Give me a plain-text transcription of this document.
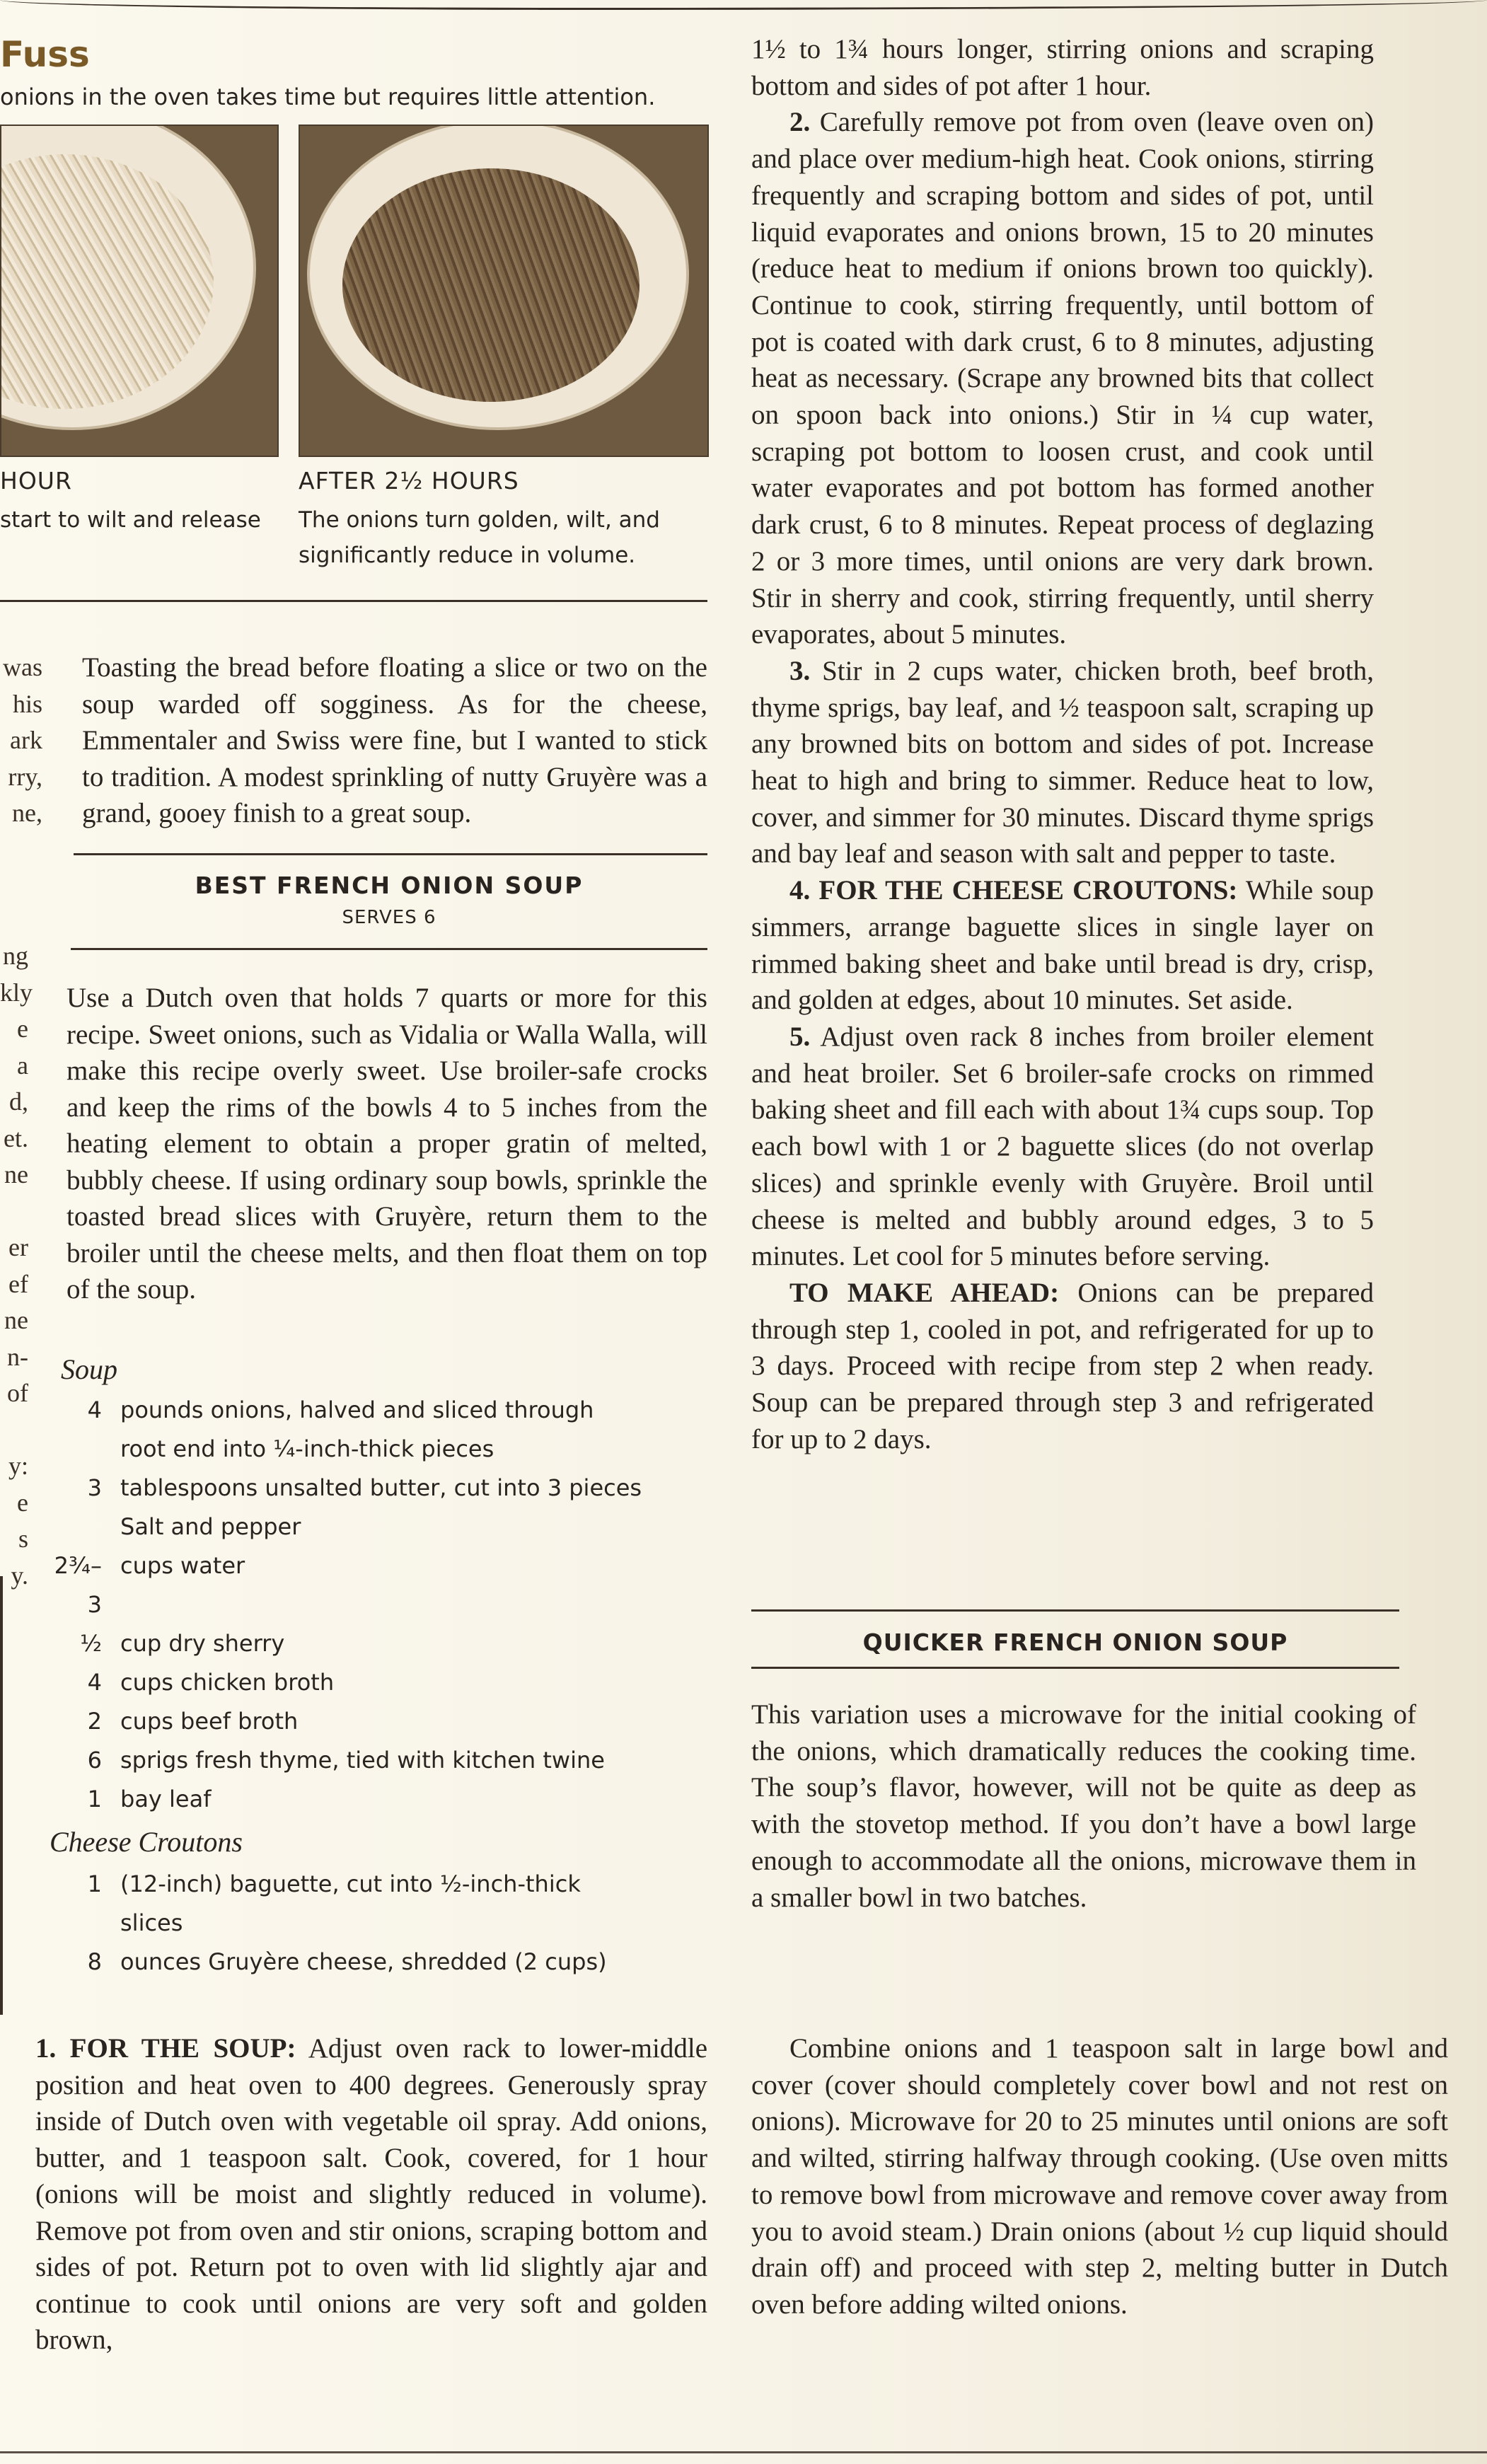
Fuss
onions in the oven takes time but requires little attention.
HOUR
start to wilt and release
AFTER 2½ HOURS
The onions turn golden, wilt, and
significantly reduce in volume.
was
his
ark
rry,
ne,
Toasting the bread before floating a slice or two on the soup warded off sogginess. As for the cheese, Emmentaler and Swiss were fine, but I wanted to stick to tradition. A modest sprinkling of nutty Gruyère was a grand, gooey finish to a great soup.
BEST FRENCH ONION SOUP
SERVES 6
ng
kly
e a
d,
et.
ne

er
ef
ne
n-
of

y:
e
s
y.
Use a Dutch oven that holds 7 quarts or more for this recipe. Sweet onions, such as Vidalia or Walla Walla, will make this recipe overly sweet. Use broiler-safe crocks and keep the rims of the bowls 4 to 5 inches from the heating element to obtain a proper gratin of melted, bubbly cheese. If using ordinary soup bowls, sprinkle the toasted bread slices with Gruyère, return them to the broiler until the cheese melts, and then float them on top of the soup.
Soup
4 pounds onions, halved and sliced through
root end into ¼-inch-thick pieces
3 tablespoons unsalted butter, cut into 3 pieces
Salt and pepper
2¾–3
cups water
½ cup dry sherry
4 cups chicken broth
2 cups beef broth
6 sprigs fresh thyme, tied with kitchen twine
1 bay leaf
Cheese Croutons
1 (12-inch) baguette, cut into ½-inch-thick
slices
8 ounces Gruyère cheese, shredded (2 cups)

1. FOR THE SOUP: Adjust oven rack to lower-middle position and heat oven to 400 degrees. Generously spray inside of Dutch oven with vegetable oil spray. Add onions, butter, and 1 teaspoon salt. Cook, covered, for 1 hour (onions will be moist and slightly reduced in volume). Remove pot from oven and stir onions, scraping bottom and sides of pot. Return pot to oven with lid slightly ajar and continue to cook until onions are very soft and golden brown,

1½ to 1¾ hours longer, stirring onions and scraping bottom and sides of pot after 1 hour.

2. Carefully remove pot from oven (leave oven on) and place over medium-high heat. Cook onions, stirring frequently and scraping bottom and sides of pot, until liquid evaporates and onions brown, 15 to 20 minutes (reduce heat to medium if onions brown too quickly). Continue to cook, stirring frequently, until bottom of pot is coated with dark crust, 6 to 8 minutes, adjusting heat as necessary. (Scrape any browned bits that collect on spoon back into onions.) Stir in ¼ cup water, scraping pot bottom to loosen crust, and cook until water evaporates and pot bottom has formed another dark crust, 6 to 8 minutes. Repeat process of deglazing 2 or 3 more times, until onions are very dark brown. Stir in sherry and cook, stirring frequently, until sherry evaporates, about 5 minutes.

3. Stir in 2 cups water, chicken broth, beef broth, thyme sprigs, bay leaf, and ½ teaspoon salt, scraping up any browned bits on bottom and sides of pot. Increase heat to high and bring to simmer. Reduce heat to low, cover, and simmer for 30 minutes. Discard thyme sprigs and bay leaf and season with salt and pepper to taste.

4. FOR THE CHEESE CROUTONS: While soup simmers, arrange baguette slices in single layer on rimmed baking sheet and bake until bread is dry, crisp, and golden at edges, about 10 minutes. Set aside.

5. Adjust oven rack 8 inches from broiler element and heat broiler. Set 6 broiler-safe crocks on rimmed baking sheet and fill each with about 1¾ cups soup. Top each bowl with 1 or 2 baguette slices (do not overlap slices) and sprinkle evenly with Gruyère. Broil until cheese is melted and bubbly around edges, 3 to 5 minutes. Let cool for 5 minutes before serving.

TO MAKE AHEAD: Onions can be prepared through step 1, cooled in pot, and refrigerated for up to 3 days. Proceed with recipe from step 2 when ready. Soup can be prepared through step 3 and refrigerated for up to 2 days.

QUICKER FRENCH ONION SOUP
This variation uses a microwave for the initial cooking of the onions, which dramatically reduces the cooking time. The soup’s flavor, however, will not be quite as deep as with the stovetop method. If you don’t have a bowl large enough to accommodate all the onions, microwave them in a smaller bowl in two batches.

Combine onions and 1 teaspoon salt in large bowl and cover (cover should completely cover bowl and not rest on onions). Microwave for 20 to 25 minutes until onions are soft and wilted, stirring halfway through cooking. (Use oven mitts to remove bowl from microwave and remove cover away from you to avoid steam.) Drain onions (about ½ cup liquid should drain off) and proceed with step 2, melting butter in Dutch oven before adding wilted onions.
